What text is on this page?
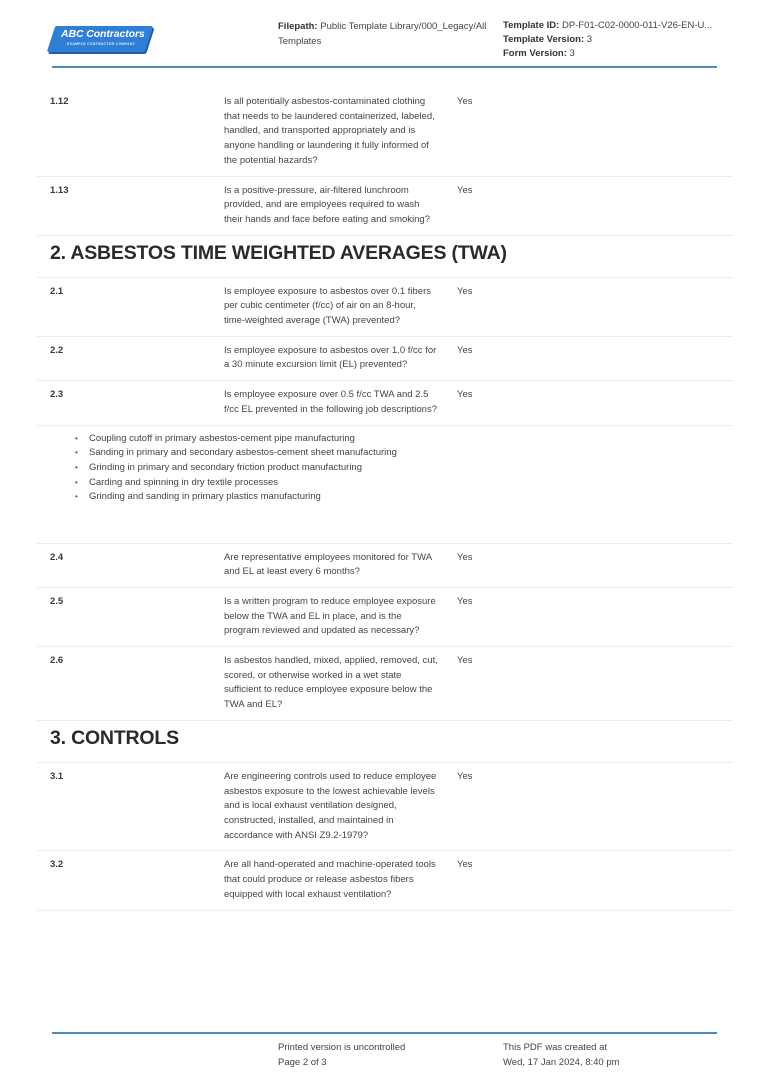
ABC Contractors
EXAMPLE CONTRACTOR COMPANY
Filepath: Public Template Library/000_Legacy/All Templates
Template ID: DP-F01-C02-0000-011-V26-EN-U...
Template Version: 3
Form Version: 3
1.12	Is all potentially asbestos-contaminated clothing that needs to be laundered containerized, labeled, handled, and transported appropriately and is anyone handling or laundering it fully informed of the potential hazards?
Yes
1.13	Is a positive-pressure, air-filtered lunchroom provided, and are employees required to wash their hands and face before eating and smoking?
Yes
2. ASBESTOS TIME WEIGHTED AVERAGES (TWA)
2.1	Is employee exposure to asbestos over 0.1 fibers per cubic centimeter (f/cc) of air on an 8-hour, time-weighted average (TWA) prevented?
Yes
2.2	Is employee exposure to asbestos over 1.0 f/cc for a 30 minute excursion limit (EL) prevented?
Yes
2.3	Is employee exposure over 0.5 f/cc TWA and 2.5 f/cc EL prevented in the following job descriptions?
Yes
• Coupling cutoff in primary asbestos-cement pipe manufacturing
• Sanding in primary and secondary asbestos-cement sheet manufacturing
• Grinding in primary and secondary friction product manufacturing
• Carding and spinning in dry textile processes
• Grinding and sanding in primary plastics manufacturing
2.4	Are representative employees monitored for TWA and EL at least every 6 months?
Yes
2.5	Is a written program to reduce employee exposure below the TWA and EL in place, and is the program reviewed and updated as necessary?
Yes
2.6	Is asbestos handled, mixed, applied, removed, cut, scored, or otherwise worked in a wet state sufficient to reduce employee exposure below the TWA and EL?
Yes
3. CONTROLS
3.1	Are engineering controls used to reduce employee asbestos exposure to the lowest achievable levels and is local exhaust ventilation designed, constructed, installed, and maintained in accordance with ANSI Z9.2-1979?
Yes
3.2	Are all hand-operated and machine-operated tools that could produce or release asbestos fibers equipped with local exhaust ventilation?
Yes
Printed version is uncontrolled
Page 2 of 3
This PDF was created at
Wed, 17 Jan 2024, 8:40 pm
